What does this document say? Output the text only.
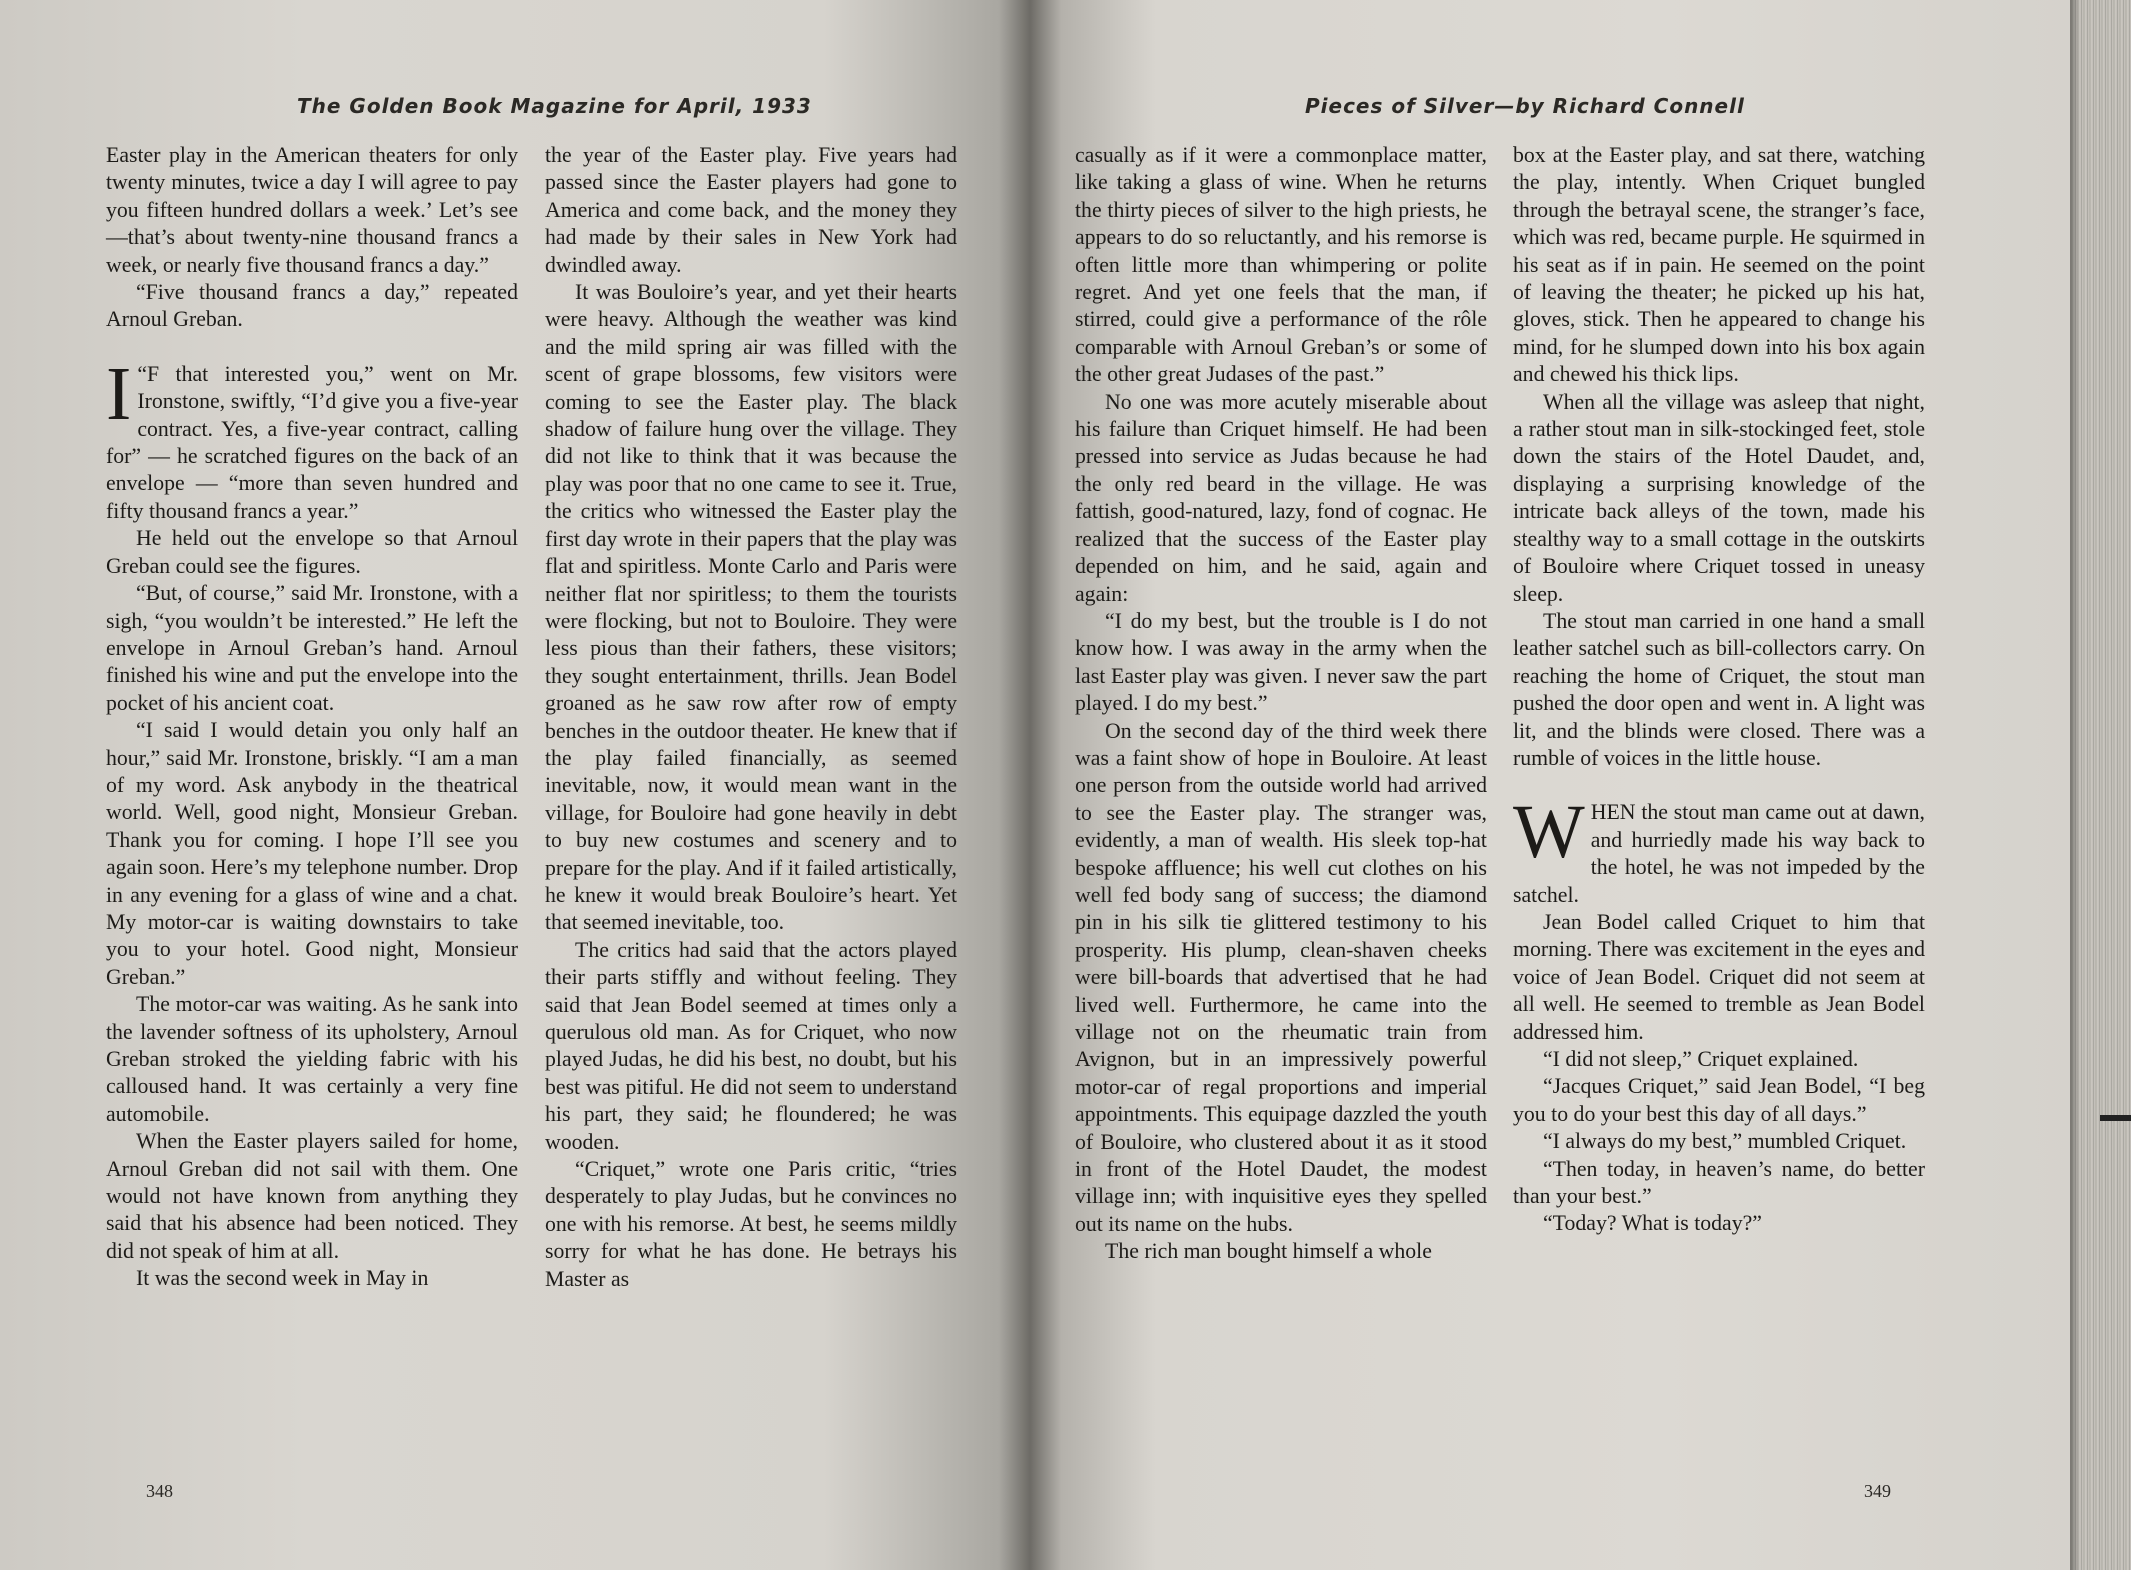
The Golden Book Magazine for April, 1933

Easter play in the American theaters for only twenty minutes, twice a day I will agree to pay you fifteen hundred dollars a week.’ Let’s see—that’s about twenty-nine thousand francs a week, or nearly five thousand francs a day.”

“Five thousand francs a day,” repeated Arnoul Greban.

“
I F that interested you,” went on Mr. Ironstone, swiftly, “I’d give you a five-year contract. Yes, a five-year contract, calling for” — he scratched figures on the back of an envelope — “more than seven hundred and fifty thousand francs a year.”

He held out the envelope so that Arnoul Greban could see the figures.

“But, of course,” said Mr. Ironstone, with a sigh, “you wouldn’t be interested.” He left the envelope in Arnoul Greban’s hand. Arnoul finished his wine and put the envelope into the pocket of his ancient coat.

“I said I would detain you only half an hour,” said Mr. Ironstone, briskly. “I am a man of my word. Ask anybody in the theatrical world. Well, good night, Monsieur Greban. Thank you for coming. I hope I’ll see you again soon. Here’s my telephone number. Drop in any evening for a glass of wine and a chat. My motor-car is waiting downstairs to take you to your hotel. Good night, Monsieur Greban.”

The motor-car was waiting. As he sank into the lavender softness of its upholstery, Arnoul Greban stroked the yielding fabric with his calloused hand. It was certainly a very fine automobile.

When the Easter players sailed for home, Arnoul Greban did not sail with them. One would not have known from anything they said that his absence had been noticed. They did not speak of him at all.

It was the second week in May in

the year of the Easter play. Five years had passed since the Easter players had gone to America and come back, and the money they had made by their sales in New York had dwindled away.

It was Bouloire’s year, and yet their hearts were heavy. Although the weather was kind and the mild spring air was filled with the scent of grape blossoms, few visitors were coming to see the Easter play. The black shadow of failure hung over the village. They did not like to think that it was because the play was poor that no one came to see it. True, the critics who witnessed the Easter play the first day wrote in their papers that the play was flat and spiritless. Monte Carlo and Paris were neither flat nor spiritless; to them the tourists were flocking, but not to Bouloire. They were less pious than their fathers, these visitors; they sought entertainment, thrills. Jean Bodel groaned as he saw row after row of empty benches in the outdoor theater. He knew that if the play failed financially, as seemed inevitable, now, it would mean want in the village, for Bouloire had gone heavily in debt to buy new costumes and scenery and to prepare for the play. And if it failed artistically, he knew it would break Bouloire’s heart. Yet that seemed inevitable, too.

The critics had said that the actors played their parts stiffly and without feeling. They said that Jean Bodel seemed at times only a querulous old man. As for Criquet, who now played Judas, he did his best, no doubt, but his best was pitiful. He did not seem to understand his part, they said; he floundered; he was wooden.

“Criquet,” wrote one Paris critic, “tries desperately to play Judas, but he convinces no one with his remorse. At best, he seems mildly sorry for what he has done. He betrays his Master as

348
Pieces of Silver—by Richard Connell

casually as if it were a commonplace matter, like taking a glass of wine. When he returns the thirty pieces of silver to the high priests, he appears to do so reluctantly, and his remorse is often little more than whimpering or polite regret. And yet one feels that the man, if stirred, could give a performance of the rôle comparable with Arnoul Greban’s or some of the other great Judases of the past.”

No one was more acutely miserable about his failure than Criquet himself. He had been pressed into service as Judas because he had the only red beard in the village. He was fattish, good-natured, lazy, fond of cognac. He realized that the success of the Easter play depended on him, and he said, again and again:

“I do my best, but the trouble is I do not know how. I was away in the army when the last Easter play was given. I never saw the part played. I do my best.”

On the second day of the third week there was a faint show of hope in Bouloire. At least one person from the outside world had arrived to see the Easter play. The stranger was, evidently, a man of wealth. His sleek top-hat bespoke affluence; his well cut clothes on his well fed body sang of success; the diamond pin in his silk tie glittered testimony to his prosperity. His plump, clean-shaven cheeks were bill-boards that advertised that he had lived well. Furthermore, he came into the village not on the rheumatic train from Avignon, but in an impressively powerful motor-car of regal proportions and imperial appointments. This equipage dazzled the youth of Bouloire, who clustered about it as it stood in front of the Hotel Daudet, the modest village inn; with inquisitive eyes they spelled out its name on the hubs.

The rich man bought himself a whole

box at the Easter play, and sat there, watching the play, intently. When Criquet bungled through the betrayal scene, the stranger’s face, which was red, became purple. He squirmed in his seat as if in pain. He seemed on the point of leaving the theater; he picked up his hat, gloves, stick. Then he appeared to change his mind, for he slumped down into his box again and chewed his thick lips.

When all the village was asleep that night, a rather stout man in silk-stockinged feet, stole down the stairs of the Hotel Daudet, and, displaying a surprising knowledge of the intricate back alleys of the town, made his stealthy way to a small cottage in the outskirts of Bouloire where Criquet tossed in uneasy sleep.

The stout man carried in one hand a small leather satchel such as bill-collectors carry. On reaching the home of Criquet, the stout man pushed the door open and went in. A light was lit, and the blinds were closed. There was a rumble of voices in the little house.

WHEN the stout man came out at dawn, and hurriedly made his way back to the hotel, he was not impeded by the satchel.

Jean Bodel called Criquet to him that morning. There was excitement in the eyes and voice of Jean Bodel. Criquet did not seem at all well. He seemed to tremble as Jean Bodel addressed him.

“I did not sleep,” Criquet explained.

“Jacques Criquet,” said Jean Bodel, “I beg you to do your best this day of all days.”

“I always do my best,” mumbled Criquet.

“Then today, in heaven’s name, do better than your best.”

“Today? What is today?”

349
